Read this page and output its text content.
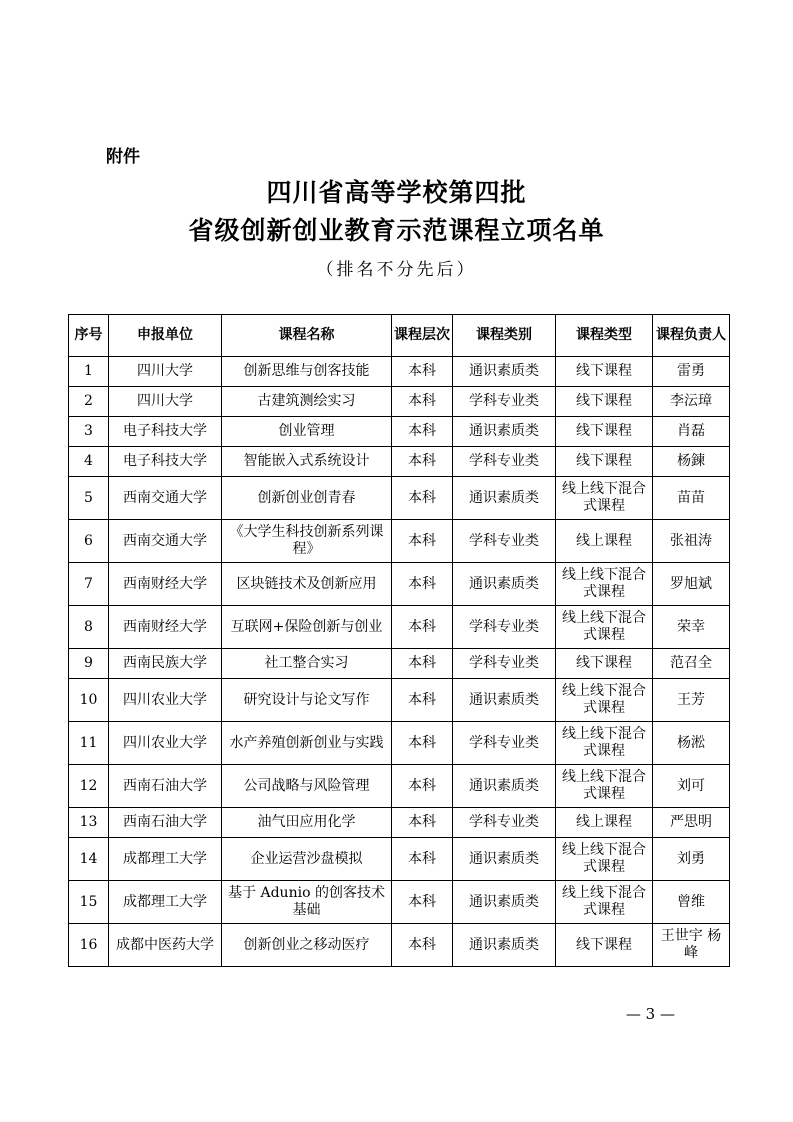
附件
四川省高等学校第四批
省级创新创业教育示范课程立项名单
（排名不分先后）
序号	申报单位	课程名称	课程层次	课程类别	课程类型	课程负责人
1	四川大学	创新思维与创客技能	本科	通识素质类	线下课程	雷勇
2	四川大学	古建筑测绘实习	本科	学科专业类	线下课程	李沄璋
3	电子科技大学	创业管理	本科	通识素质类	线下课程	肖磊
4	电子科技大学	智能嵌入式系统设计	本科	学科专业类	线下课程	杨鍊
5	西南交通大学	创新创业创青春	本科	通识素质类	线上线下混合式课程	苗苗
6	西南交通大学	《大学生科技创新系列课程》	本科	学科专业类	线上课程	张祖涛
7	西南财经大学	区块链技术及创新应用	本科	通识素质类	线上线下混合式课程	罗旭斌
8	西南财经大学	互联网+保险创新与创业	本科	学科专业类	线上线下混合式课程	荣幸
9	西南民族大学	社工整合实习	本科	学科专业类	线下课程	范召全
10	四川农业大学	研究设计与论文写作	本科	通识素质类	线上线下混合式课程	王芳
11	四川农业大学	水产养殖创新创业与实践	本科	学科专业类	线上线下混合式课程	杨淞
12	西南石油大学	公司战略与风险管理	本科	通识素质类	线上线下混合式课程	刘可
13	西南石油大学	油气田应用化学	本科	学科专业类	线上课程	严思明
14	成都理工大学	企业运营沙盘模拟	本科	通识素质类	线上线下混合式课程	刘勇
15	成都理工大学	基于 Adunio 的创客技术基础	本科	通识素质类	线上线下混合式课程	曾维
16	成都中医药大学	创新创业之移动医疗	本科	通识素质类	线下课程	王世宇 杨峰
— 3 —
